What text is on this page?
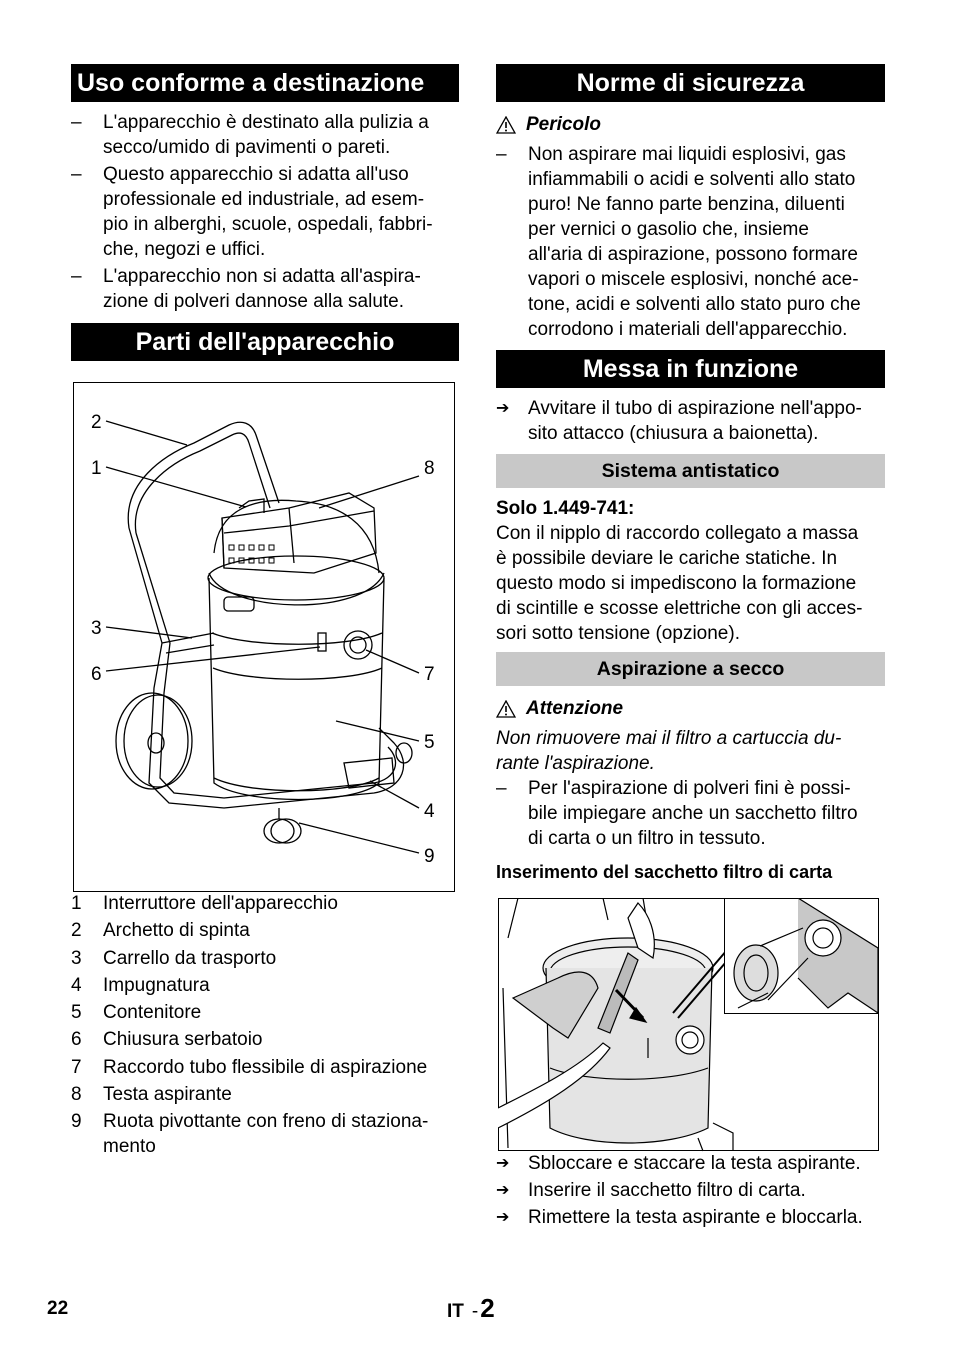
Uso conforme a destinazione
– L'apparecchio è destinato alla pulizia a
secco/umido di pavimenti o pareti.
– Questo apparecchio si adatta all'uso
professionale ed industriale, ad esem-
pio in alberghi, scuole, ospedali, fabbri-
che, negozi e uffici.
– L'apparecchio non si adatta all'aspira-
zione di polveri dannose alla salute.
Parti dell'apparecchio
2
1	8
3
6	7
5
4
9
1 Interruttore dell'apparecchio
2 Archetto di spinta
3 Carrello da trasporto
4 Impugnatura
5 Contenitore
6 Chiusura serbatoio
7 Raccordo tubo flessibile di aspirazione
8 Testa aspirante
9 Ruota pivottante con freno di staziona-
mento
Norme di sicurezza
Pericolo
– Non aspirare mai liquidi esplosivi, gas
infiammabili o acidi e solventi allo stato
puro! Ne fanno parte benzina, diluenti
per vernici o gasolio che, insieme
all'aria di aspirazione, possono formare
vapori o miscele esplosivi, nonché ace-
tone, acidi e solventi allo stato puro che
corrodono i materiali dell'apparecchio.
Messa in funzione
➔ Avvitare il tubo di aspirazione nell'appo-
sito attacco (chiusura a baionetta).
Sistema antistatico

Solo 1.449-741:

Con il nipplo di raccordo collegato a massa

è possibile deviare le cariche statiche. In

questo modo si impediscono la formazione

di scintille e scosse elettriche con gli acces-

sori sotto tensione (opzione).

Aspirazione a secco
Attenzione

Non rimuovere mai il filtro a cartuccia du-

rante l'aspirazione.

– Per l'aspirazione di polveri fini è possi-
bile impiegare anche un sacchetto filtro
di carta o un filtro in tessuto.

Inserimento del sacchetto filtro di carta

➔ Sbloccare e staccare la testa aspirante.
➔ Inserire il sacchetto filtro di carta.
➔ Rimettere la testa aspirante e bloccarla.
22	IT - 2
